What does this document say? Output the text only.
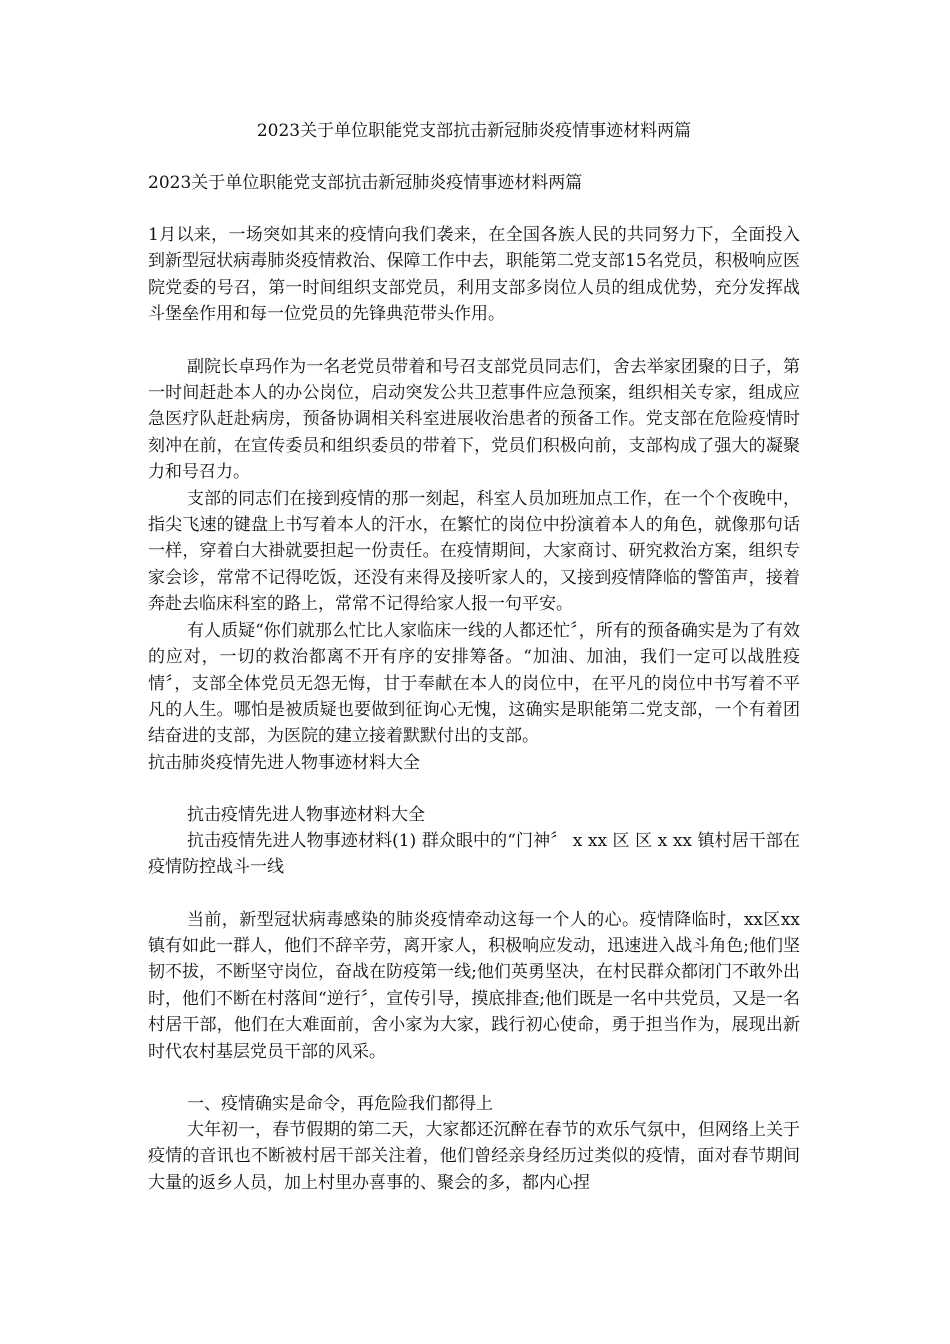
2023关于单位职能党支部抗击新冠肺炎疫情事迹材料两篇

2023关于单位职能党支部抗击新冠肺炎疫情事迹材料两篇

1月以来，一场突如其来的疫情向我们袭来，在全国各族人民的共同努力下，全面投入到新型冠状病毒肺炎疫情救治、保障工作中去，职能第二党支部15名党员，积极响应医院党委的号召，第一时间组织支部党员，利用支部多岗位人员的组成优势，充分发挥战斗堡垒作用和每一位党员的先锋典范带头作用。

副院长卓玛作为一名老党员带着和号召支部党员同志们，舍去举家团聚的日子，第一时间赶赴本人的办公岗位，启动突发公共卫惹事件应急预案，组织相关专家，组成应急医疗队赶赴病房，预备协调相关科室进展收治患者的预备工作。党支部在危险疫情时刻冲在前，在宣传委员和组织委员的带着下，党员们积极向前，支部构成了强大的凝聚力和号召力。

支部的同志们在接到疫情的那一刻起，科室人员加班加点工作，在一个个夜晚中，指尖飞速的键盘上书写着本人的汗水，在繁忙的岗位中扮演着本人的角色，就像那句话一样，穿着白大褂就要担起一份责任。在疫情期间，大家商讨、研究救治方案，组织专家会诊，常常不记得吃饭，还没有来得及接听家人的，又接到疫情降临的警笛声，接着奔赴去临床科室的路上，常常不记得给家人报一句平安。

有人质疑“你们就那么忙比人家临床一线的人都还忙〞，所有的预备确实是为了有效的应对，一切的救治都离不开有序的安排筹备。“加油、加油，我们一定可以战胜疫情〞，支部全体党员无怨无悔，甘于奉献在本人的岗位中，在平凡的岗位中书写着不平凡的人生。哪怕是被质疑也要做到征询心无愧，这确实是职能第二党支部，一个有着团结奋进的支部，为医院的建立接着默默付出的支部。

抗击肺炎疫情先进人物事迹材料大全

抗击疫情先进人物事迹材料大全

抗击疫情先进人物事迹材料(1) 群众眼中的“门神〞 x xx 区 区 x xx 镇村居干部在疫情防控战斗一线

当前，新型冠状病毒感染的肺炎疫情牵动这每一个人的心。疫情降临时，xx区xx镇有如此一群人，他们不辞辛劳，离开家人，积极响应发动，迅速进入战斗角色;他们坚韧不拔，不断坚守岗位，奋战在防疫第一线;他们英勇坚决，在村民群众都闭门不敢外出时，他们不断在村落间“逆行〞，宣传引导，摸底排查;他们既是一名中共党员，又是一名村居干部，他们在大难面前，舍小家为大家，践行初心使命，勇于担当作为，展现出新时代农村基层党员干部的风采。

一、疫情确实是命令，再危险我们都得上

大年初一，春节假期的第二天，大家都还沉醉在春节的欢乐气氛中，但网络上关于疫情的音讯也不断被村居干部关注着，他们曾经亲身经历过类似的疫情，面对春节期间大量的返乡人员，加上村里办喜事的、聚会的多，都内心捏
